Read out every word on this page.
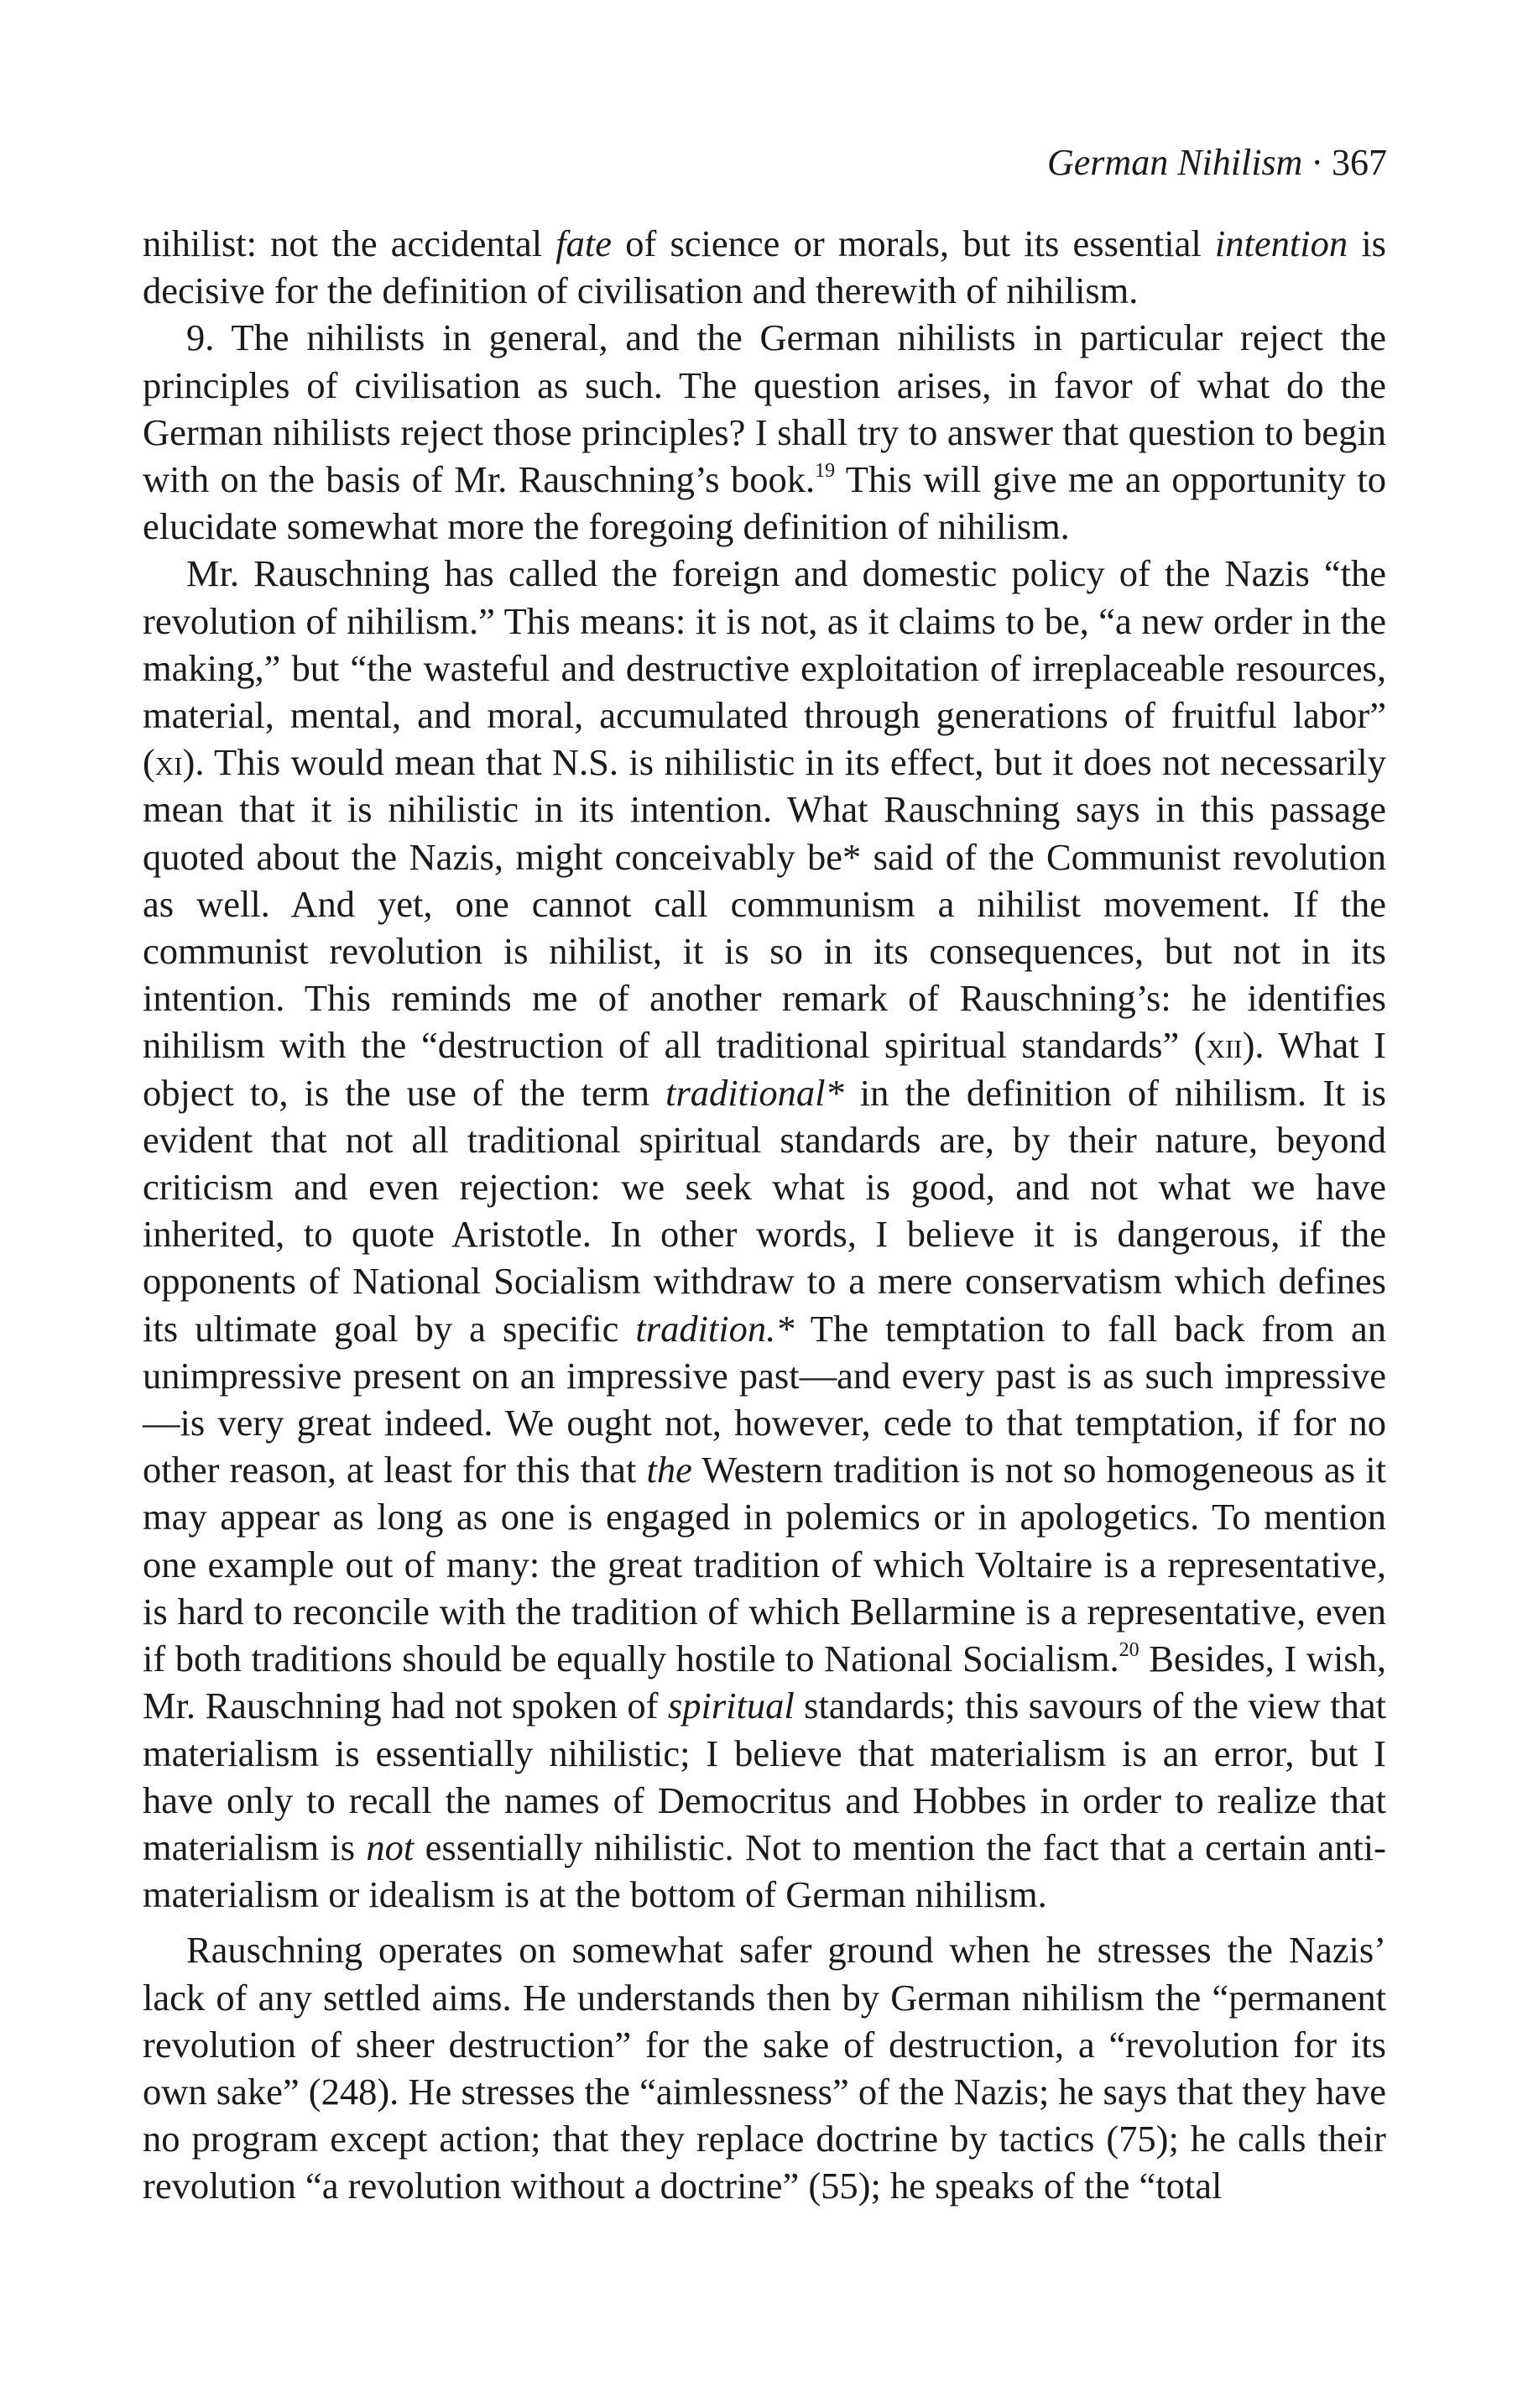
German Nihilism · 367

nihilist: not the accidental fate of science or morals, but its essential intention is decisive for the definition of civilisation and therewith of nihilism.

9. The nihilists in general, and the German nihilists in particular reject the principles of civilisation as such. The question arises, in favor of what do the German nihilists reject those principles? I shall try to answer that question to begin with on the basis of Mr. Rauschning’s book.$^{19}$ This will give me an opportunity to elucidate somewhat more the foregoing definition of nihilism.

Mr. Rauschning has called the foreign and domestic policy of the Nazis “the revolution of nihilism.” This means: it is not, as it claims to be, “a new order in the making,” but “the wasteful and destructive exploitation of irreplaceable resources, material, mental, and moral, accumulated through generations of fruitful labor” (xi). This would mean that N.S. is nihilistic in its effect, but it does not necessarily mean that it is nihilistic in its intention. What Rauschning says in this passage quoted about the Nazis, might conceivably be* said of the Communist revolution as well. And yet, one cannot call communism a nihilist movement. If the communist revolution is nihilist, it is so in its consequences, but not in its intention. This reminds me of another remark of Rauschning’s: he identifies nihilism with the “destruction of all traditional spiritual standards” (xii). What I object to, is the use of the term traditional* in the definition of nihilism. It is evident that not all traditional spiritual standards are, by their nature, beyond criticism and even rejection: we seek what is good, and not what we have inherited, to quote Aristotle. In other words, I believe it is dangerous, if the opponents of National Socialism withdraw to a mere conservatism which defines its ultimate goal by a specific tradition.* The temptation to fall back from an unimpressive present on an impressive past—and every past is as such impressive—is very great indeed. We ought not, however, cede to that temptation, if for no other reason, at least for this that the Western tradition is not so homogeneous as it may appear as long as one is engaged in polemics or in apologetics. To mention one example out of many: the great tradition of which Voltaire is a representative, is hard to reconcile with the tradition of which Bellarmine is a representative, even if both traditions should be equally hostile to National Socialism.$^{20}$ Besides, I wish, Mr. Rauschning had not spoken of spiritual standards; this savours of the view that materialism is essentially nihilistic; I believe that materialism is an error, but I have only to recall the names of Democritus and Hobbes in order to realize that materialism is not essentially nihilistic. Not to mention the fact that a certain anti-materialism or idealism is at the bottom of German nihilism.

Rauschning operates on somewhat safer ground when he stresses the Nazis’ lack of any settled aims. He understands then by German nihilism the “permanent revolution of sheer destruction” for the sake of destruction, a “revolution for its own sake” (248). He stresses the “aimlessness” of the Nazis; he says that they have no program except action; that they replace doctrine by tactics (75); he calls their revolution “a revolution without a doctrine” (55); he speaks of the “total
